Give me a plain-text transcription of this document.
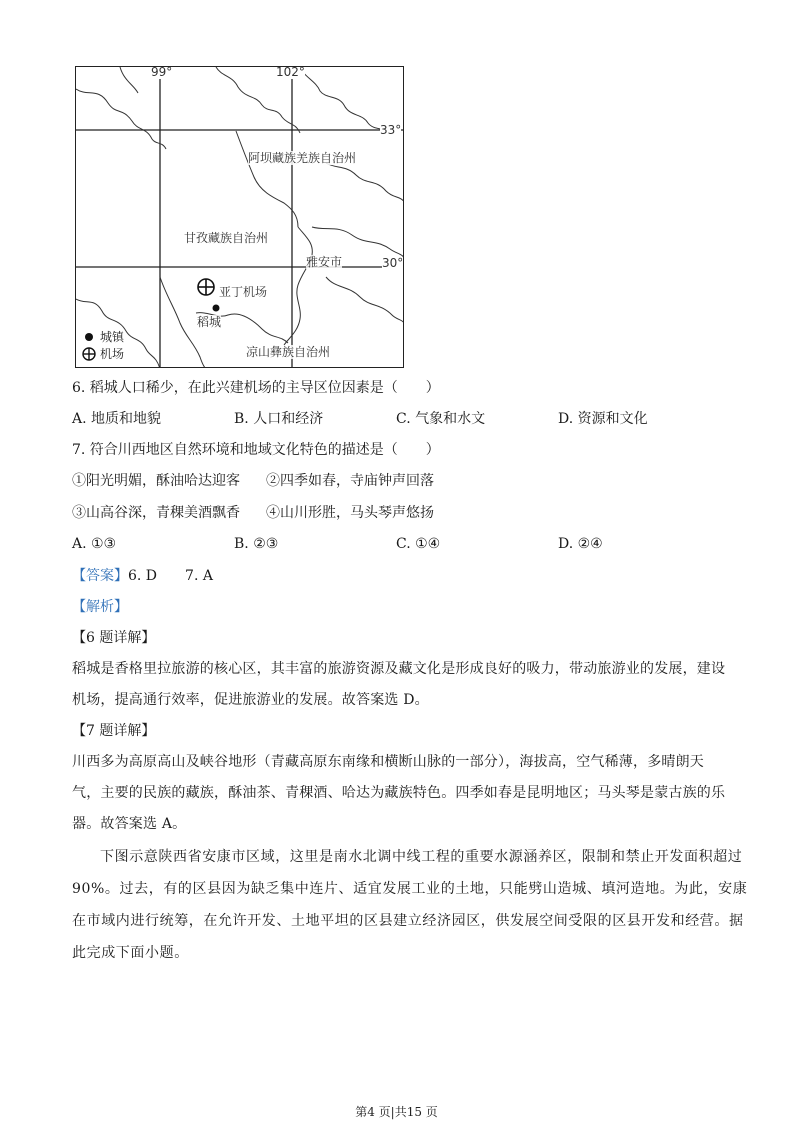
99°	102°
33°
30°
阿坝藏族羌族自治州
甘孜藏族自治州
雅安市
凉山彝族自治州
亚丁机场
稻城
城镇
机场
6. 稻城人口稀少，在此兴建机场的主导区位因素是（　　）
A. 地质和地貌	B. 人口和经济	C. 气象和水文	D. 资源和文化
7. 符合川西地区自然环境和地域文化特色的描述是（　　）
①阳光明媚，酥油哈达迎客 ②四季如春，寺庙钟声回落
③山高谷深，青稞美酒飘香 ④山川形胜，马头琴声悠扬
A. ①③	B. ②③	C. ①④	D. ②④
【答案】6. D　　7. A
【解析】
【6 题详解】
稻城是香格里拉旅游的核心区，其丰富的旅游资源及藏文化是形成良好的吸力，带动旅游业的发展，建设
机场，提高通行效率，促进旅游业的发展。故答案选 D。
【7 题详解】
川西多为高原高山及峡谷地形（青藏高原东南缘和横断山脉的一部分），海拔高，空气稀薄，多晴朗天
气，主要的民族的藏族，酥油茶、青稞酒、哈达为藏族特色。四季如春是昆明地区；马头琴是蒙古族的乐
器。故答案选 A。
下图示意陕西省安康市区域，这里是南水北调中线工程的重要水源涵养区，限制和禁止开发面积超过
90%。过去，有的区县因为缺乏集中连片、适宜发展工业的土地，只能劈山造城、填河造地。为此，安康
在市域内进行统筹，在允许开发、土地平坦的区县建立经济园区，供发展空间受限的区县开发和经营。据
此完成下面小题。
第4 页|共15 页
